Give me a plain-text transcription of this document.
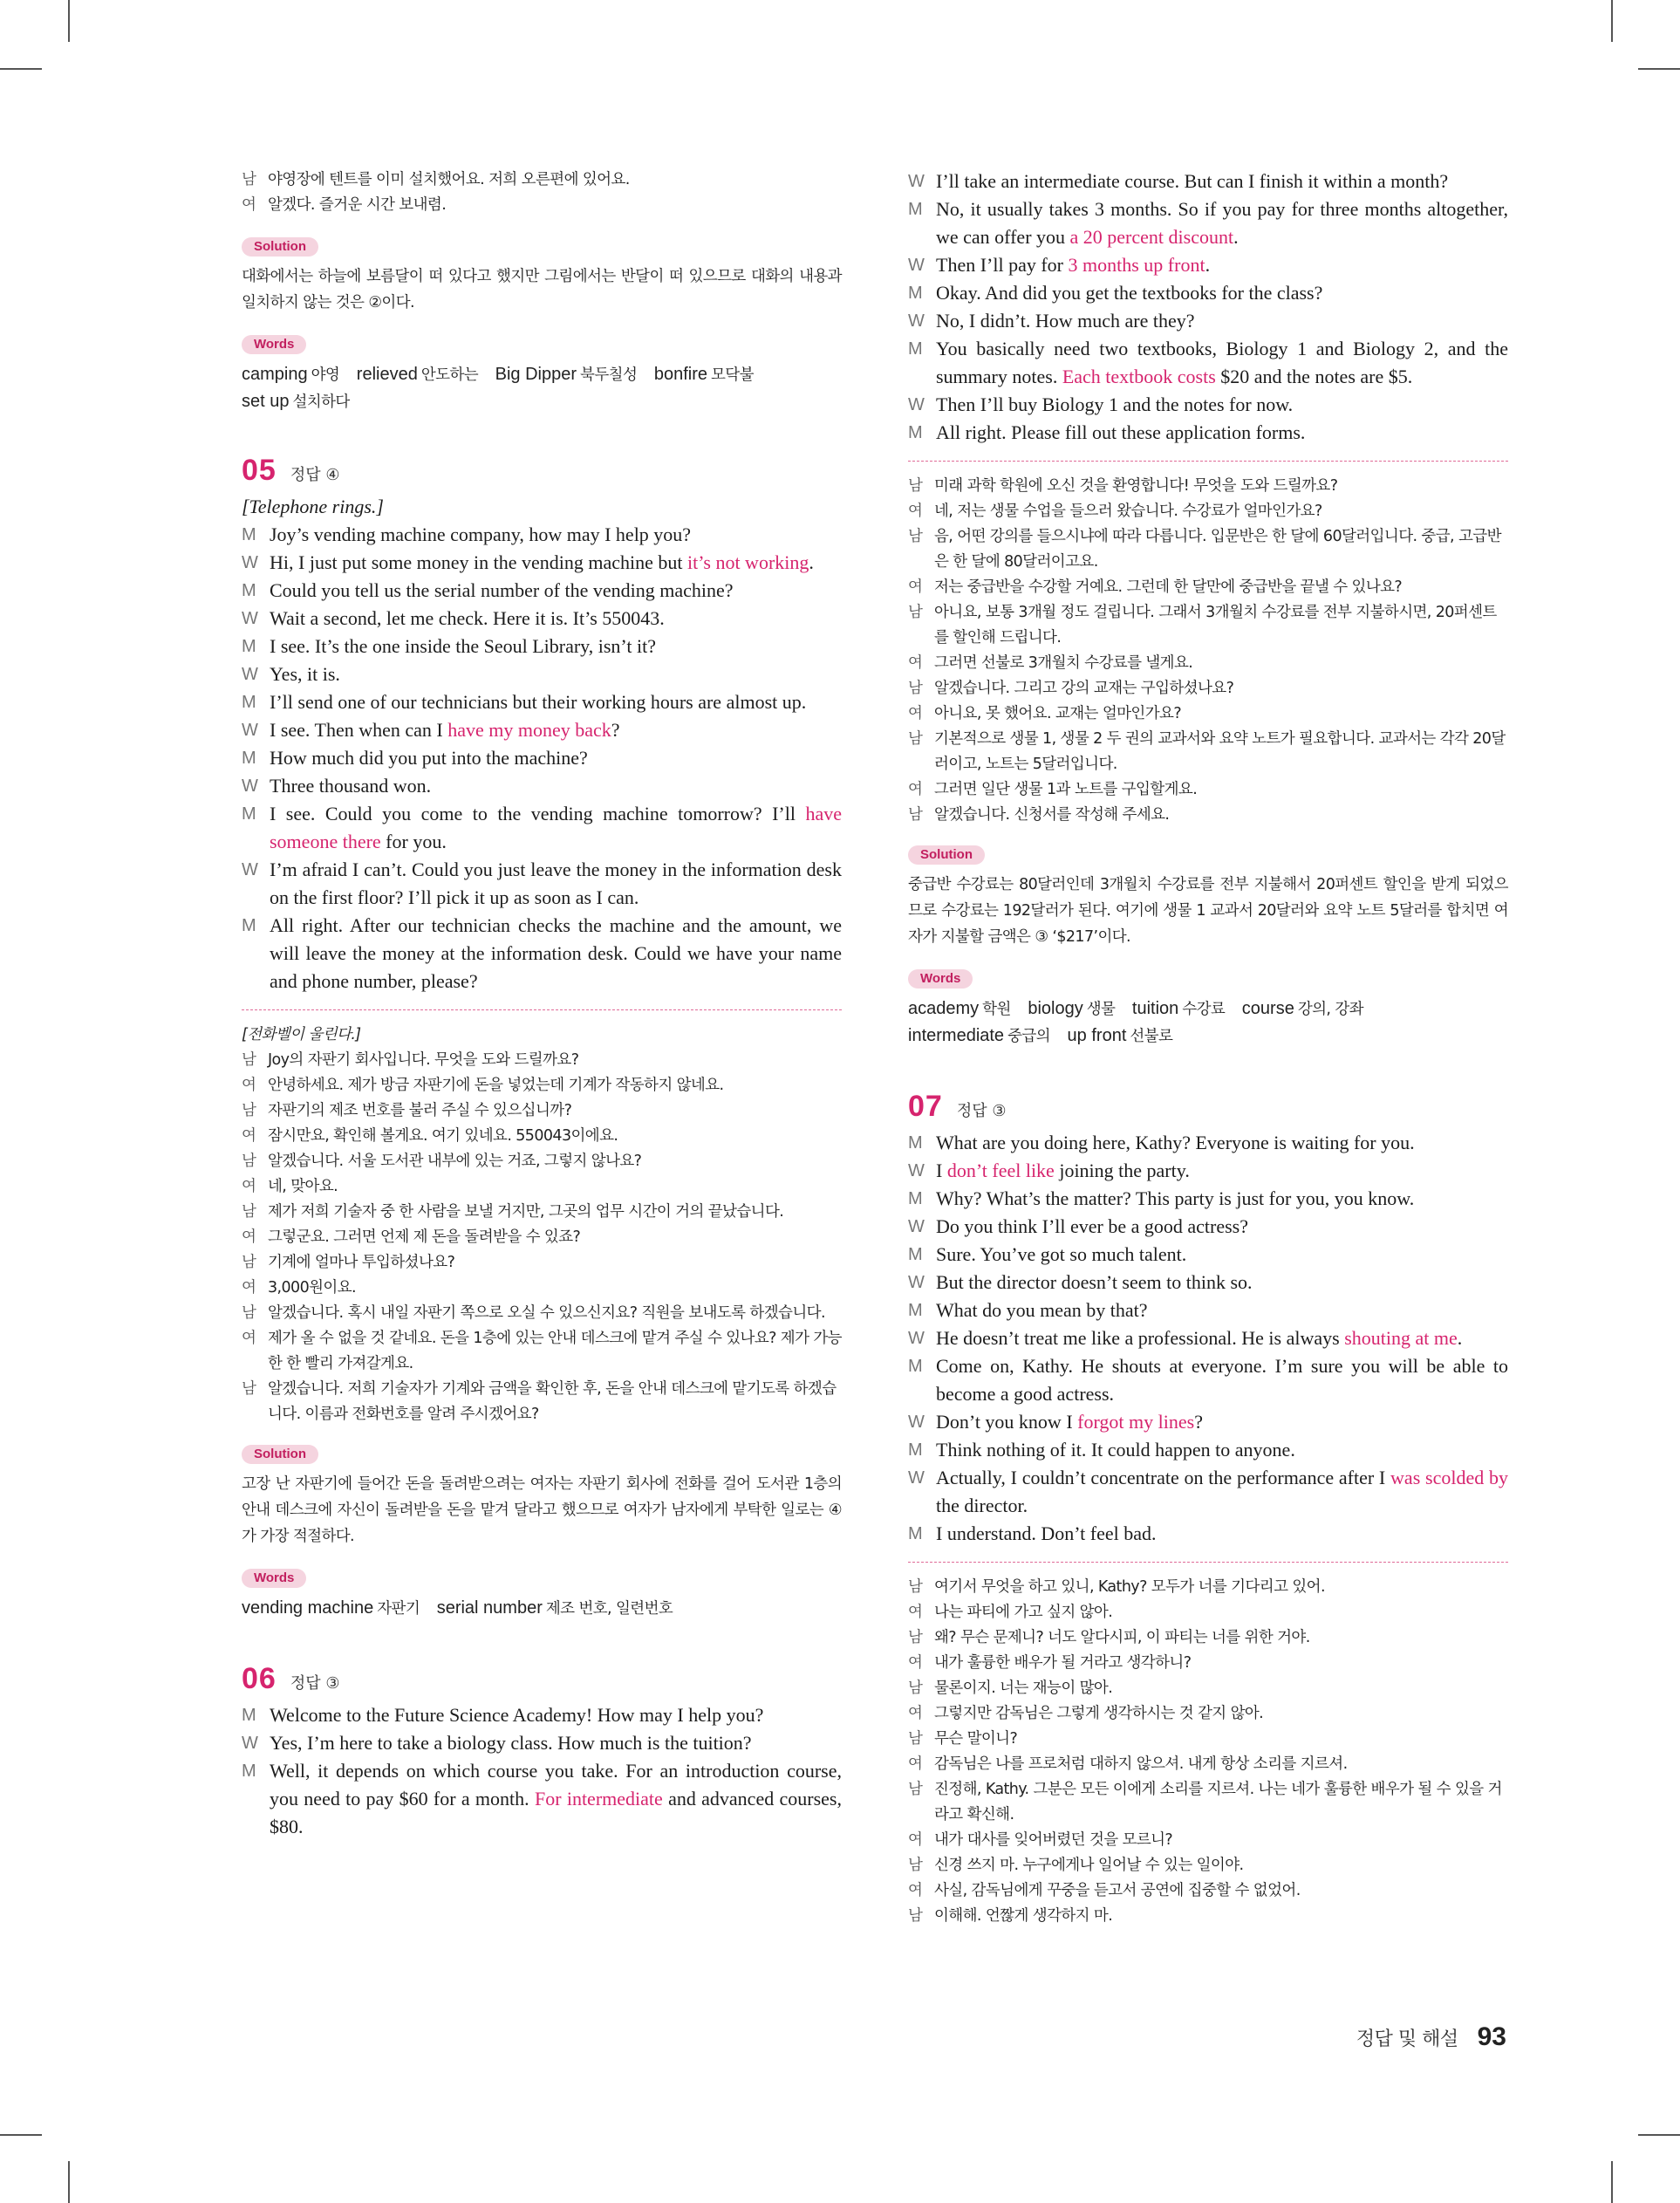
남 야영장에 텐트를 이미 설치했어요. 저희 오른편에 있어요.
여 알겠다. 즐거운 시간 보내렴.
Solution
대화에서는 하늘에 보름달이 떠 있다고 했지만 그림에서는 반달이 떠 있으므로 대화의 내용과 일치하지 않는 것은 ②이다.
Words
camping 야영 relieved 안도하는 Big Dipper 북두칠성 bonfire 모닥불 set up 설치하다
05 정답 ④
[Telephone rings.]
M Joy’s vending machine company, how may I help you?
W Hi, I just put some money in the vending machine but it’s not working.
M Could you tell us the serial number of the vending machine?
W Wait a second, let me check. Here it is. It’s 550043.
M I see. It’s the one inside the Seoul Library, isn’t it?
W Yes, it is.
M I’ll send one of our technicians but their working hours are almost up.
W I see. Then when can I have my money back?
M How much did you put into the machine?
W Three thousand won.
M I see. Could you come to the vending machine tomorrow? I’ll have someone there for you.
W I’m afraid I can’t. Could you just leave the money in the information desk on the first floor? I’ll pick it up as soon as I can.
M All right. After our technician checks the machine and the amount, we will leave the money at the information desk. Could we have your name and phone number, please?
[전화벨이 울린다.]
남 Joy의 자판기 회사입니다. 무엇을 도와 드릴까요?
여 안녕하세요. 제가 방금 자판기에 돈을 넣었는데 기계가 작동하지 않네요.
남 자판기의 제조 번호를 불러 주실 수 있으십니까?
여 잠시만요, 확인해 볼게요. 여기 있네요. 550043이에요.
남 알겠습니다. 서울 도서관 내부에 있는 거죠, 그렇지 않나요?
여 네, 맞아요.
남 제가 저희 기술자 중 한 사람을 보낼 거지만, 그곳의 업무 시간이 거의 끝났습니다.
여 그렇군요. 그러면 언제 제 돈을 돌려받을 수 있죠?
남 기계에 얼마나 투입하셨나요?
여 3,000원이요.
남 알겠습니다. 혹시 내일 자판기 쪽으로 오실 수 있으신지요? 직원을 보내도록 하겠습니다.
여 제가 올 수 없을 것 같네요. 돈을 1층에 있는 안내 데스크에 맡겨 주실 수 있나요? 제가 가능한 한 빨리 가져갈게요.
남 알겠습니다. 저희 기술자가 기계와 금액을 확인한 후, 돈을 안내 데스크에 맡기도록 하겠습니다. 이름과 전화번호를 알려 주시겠어요?
Solution
고장 난 자판기에 들어간 돈을 돌려받으려는 여자는 자판기 회사에 전화를 걸어 도서관 1층의 안내 데스크에 자신이 돌려받을 돈을 맡겨 달라고 했으므로 여자가 남자에게 부탁한 일로는 ④가 가장 적절하다.
Words
vending machine 자판기 serial number 제조 번호, 일련번호
06 정답 ③
M Welcome to the Future Science Academy! How may I help you?
W Yes, I’m here to take a biology class. How much is the tuition?
M Well, it depends on which course you take. For an introduction course, you need to pay $60 for a month. For intermediate and advanced courses, $80.
W I’ll take an intermediate course. But can I finish it within a month?
M No, it usually takes 3 months. So if you pay for three months altogether, we can offer you a 20 percent discount.
W Then I’ll pay for 3 months up front.
M Okay. And did you get the textbooks for the class?
W No, I didn’t. How much are they?
M You basically need two textbooks, Biology 1 and Biology 2, and the summary notes. Each textbook costs $20 and the notes are $5.
W Then I’ll buy Biology 1 and the notes for now.
M All right. Please fill out these application forms.
남 미래 과학 학원에 오신 것을 환영합니다! 무엇을 도와 드릴까요?
여 네, 저는 생물 수업을 들으러 왔습니다. 수강료가 얼마인가요?
남 음, 어떤 강의를 들으시냐에 따라 다릅니다. 입문반은 한 달에 60달러입니다. 중급, 고급반은 한 달에 80달러이고요.
여 저는 중급반을 수강할 거예요. 그런데 한 달만에 중급반을 끝낼 수 있나요?
남 아니요, 보통 3개월 정도 걸립니다. 그래서 3개월치 수강료를 전부 지불하시면, 20퍼센트를 할인해 드립니다.
여 그러면 선불로 3개월치 수강료를 낼게요.
남 알겠습니다. 그리고 강의 교재는 구입하셨나요?
여 아니요, 못 했어요. 교재는 얼마인가요?
남 기본적으로 생물 1, 생물 2 두 권의 교과서와 요약 노트가 필요합니다. 교과서는 각각 20달러이고, 노트는 5달러입니다.
여 그러면 일단 생물 1과 노트를 구입할게요.
남 알겠습니다. 신청서를 작성해 주세요.
Solution
중급반 수강료는 80달러인데 3개월치 수강료를 전부 지불해서 20퍼센트 할인을 받게 되었으므로 수강료는 192달러가 된다. 여기에 생물 1 교과서 20달러와 요약 노트 5달러를 합치면 여자가 지불할 금액은 ③ ‘$217’이다.
Words
academy 학원 biology 생물 tuition 수강료 course 강의, 강좌 intermediate 중급의 up front 선불로
07 정답 ③
M What are you doing here, Kathy? Everyone is waiting for you.
W I don’t feel like joining the party.
M Why? What’s the matter? This party is just for you, you know.
W Do you think I’ll ever be a good actress?
M Sure. You’ve got so much talent.
W But the director doesn’t seem to think so.
M What do you mean by that?
W He doesn’t treat me like a professional. He is always shouting at me.
M Come on, Kathy. He shouts at everyone. I’m sure you will be able to become a good actress.
W Don’t you know I forgot my lines?
M Think nothing of it. It could happen to anyone.
W Actually, I couldn’t concentrate on the performance after I was scolded by the director.
M I understand. Don’t feel bad.
남 여기서 무엇을 하고 있니, Kathy? 모두가 너를 기다리고 있어.
여 나는 파티에 가고 싶지 않아.
남 왜? 무슨 문제니? 너도 알다시피, 이 파티는 너를 위한 거야.
여 내가 훌륭한 배우가 될 거라고 생각하니?
남 물론이지. 너는 재능이 많아.
여 그렇지만 감독님은 그렇게 생각하시는 것 같지 않아.
남 무슨 말이니?
여 감독님은 나를 프로처럼 대하지 않으셔. 내게 항상 소리를 지르셔.
남 진정해, Kathy. 그분은 모든 이에게 소리를 지르셔. 나는 네가 훌륭한 배우가 될 수 있을 거라고 확신해.
여 내가 대사를 잊어버렸던 것을 모르니?
남 신경 쓰지 마. 누구에게나 일어날 수 있는 일이야.
여 사실, 감독님에게 꾸중을 듣고서 공연에 집중할 수 없었어.
남 이해해. 언짢게 생각하지 마.
정답 및 해설 93
